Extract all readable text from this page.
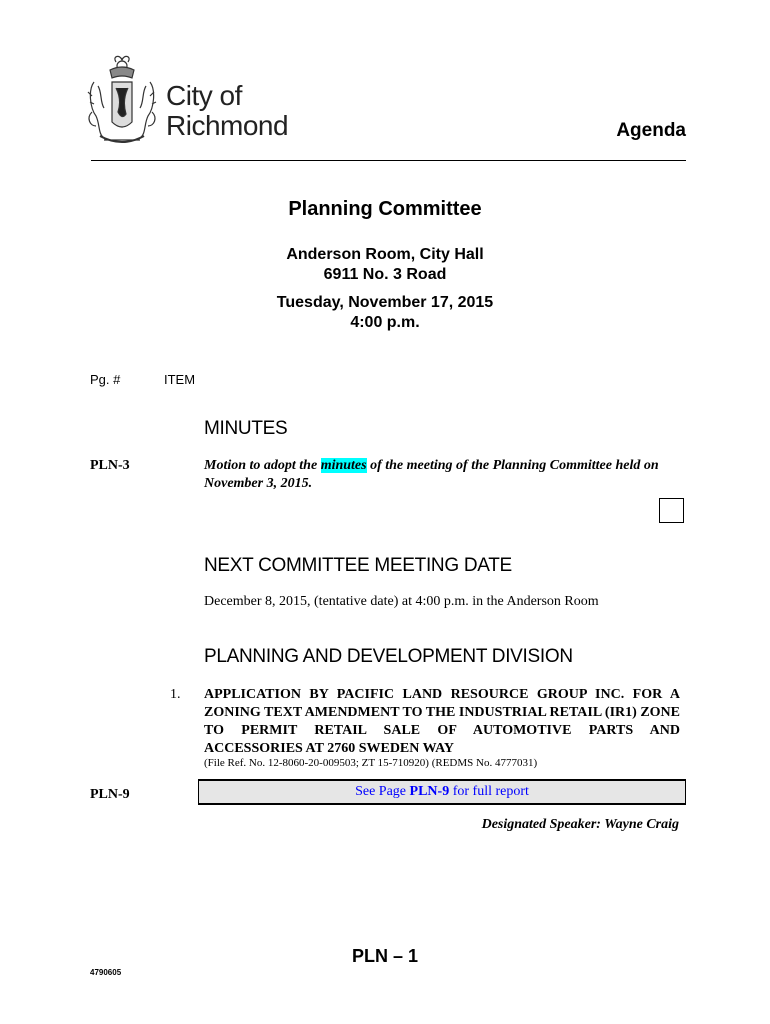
City of
Richmond	Agenda
Planning Committee
Anderson Room, City Hall
6911 No. 3 Road
Tuesday, November 17, 2015
4:00 p.m.
Pg. #	ITEM
MINUTES
PLN-3	Motion to adopt the minutes of the meeting of the Planning Committee held on November 3, 2015.
NEXT COMMITTEE MEETING DATE
December 8, 2015, (tentative date) at 4:00 p.m. in the Anderson Room
PLANNING AND DEVELOPMENT DIVISION
1. APPLICATION BY PACIFIC LAND RESOURCE GROUP INC. FOR A ZONING TEXT AMENDMENT TO THE INDUSTRIAL RETAIL (IR1) ZONE TO PERMIT RETAIL SALE OF AUTOMOTIVE PARTS AND ACCESSORIES AT 2760 SWEDEN WAY
(File Ref. No. 12-8060-20-009503; ZT 15-710920) (REDMS No. 4777031)
PLN-9	See Page PLN-9 for full report
Designated Speaker: Wayne Craig
PLN – 1
4790605
